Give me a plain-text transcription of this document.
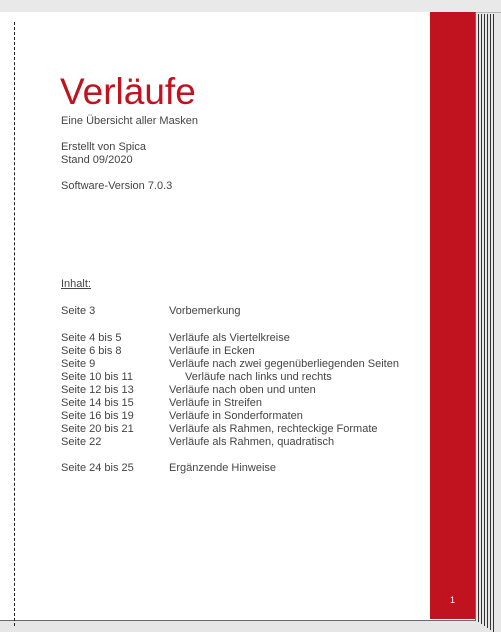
1
Verläufe

Eine Übersicht aller Masken

Erstellt von Spica

Stand 09/2020

Software-Version 7.0.3

Inhalt:

Seite 3	Vorbemerkung
Seite 4 bis 5	Verläufe als Viertelkreise
Seite 6 bis 8	Verläufe in Ecken
Seite 9	Verläufe nach zwei gegenüberliegenden Seiten
Seite 10 bis 11	Verläufe nach links und rechts
Seite 12 bis 13	Verläufe nach oben und unten
Seite 14 bis 15	Verläufe in Streifen
Seite 16 bis 19	Verläufe in Sonderformaten
Seite 20 bis 21	Verläufe als Rahmen, rechteckige Formate
Seite 22	Verläufe als Rahmen, quadratisch
Seite 24 bis 25	Ergänzende Hinweise
